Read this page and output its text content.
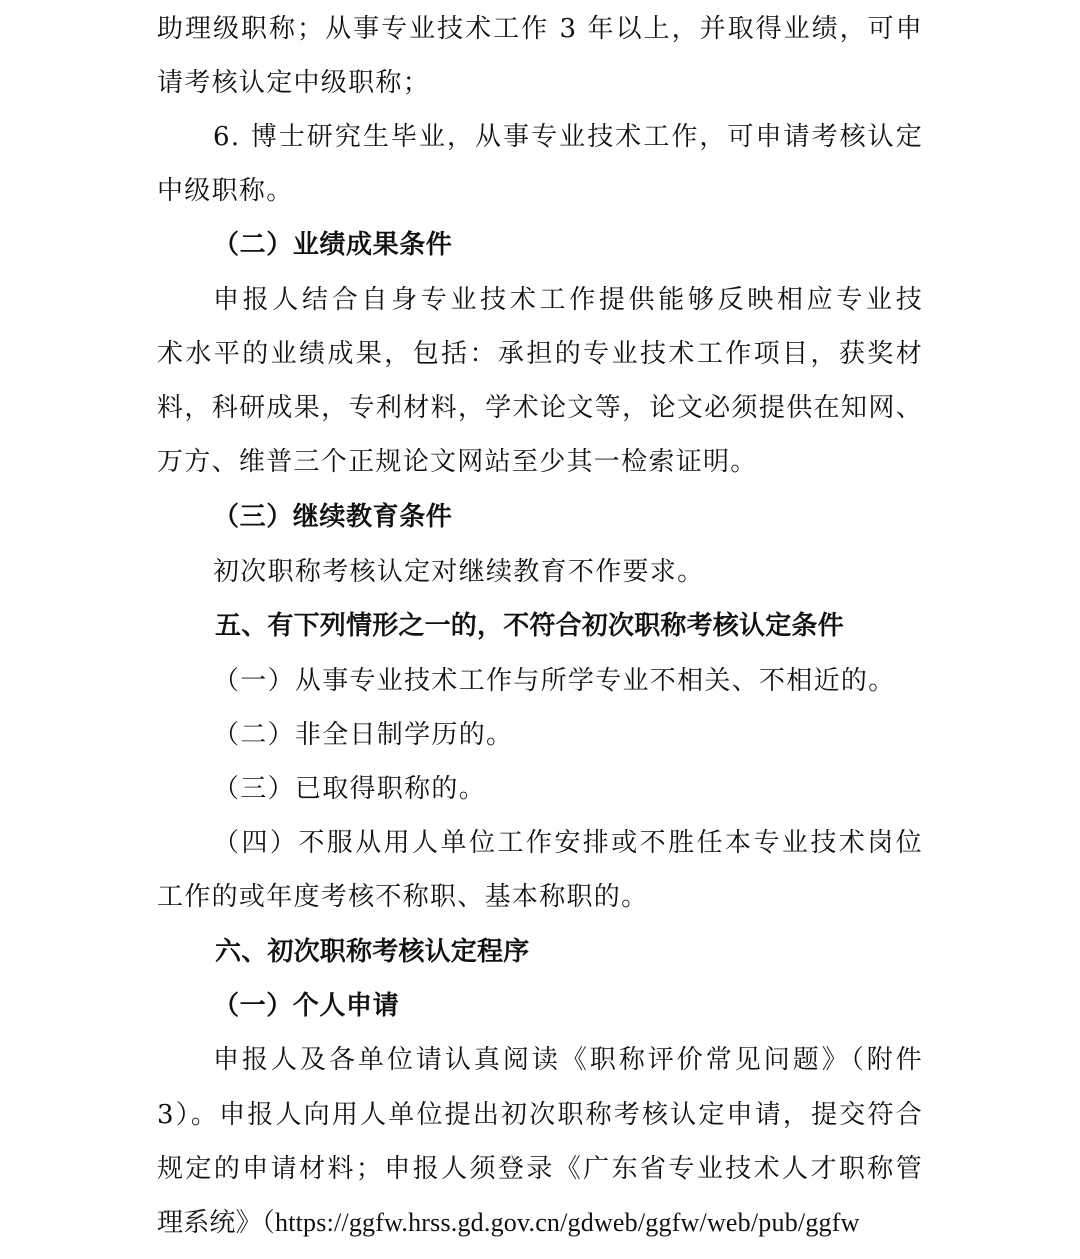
助理级职称；从事专业技术工作 3 年以上，并取得业绩，可申
请考核认定中级职称；
6. 博士研究生毕业，从事专业技术工作，可申请考核认定
中级职称。
（二）业绩成果条件
申报人结合自身专业技术工作提供能够反映相应专业技
术水平的业绩成果，包括：承担的专业技术工作项目，获奖材
料，科研成果，专利材料，学术论文等，论文必须提供在知网、
万方、维普三个正规论文网站至少其一检索证明。
（三）继续教育条件
初次职称考核认定对继续教育不作要求。
五、有下列情形之一的，不符合初次职称考核认定条件
（一）从事专业技术工作与所学专业不相关、不相近的。
（二）非全日制学历的。
（三）已取得职称的。
（四）不服从用人单位工作安排或不胜任本专业技术岗位
工作的或年度考核不称职、基本称职的。
六、初次职称考核认定程序
（一）个人申请
申报人及各单位请认真阅读《职称评价常见问题》（附件
3）。申报人向用人单位提出初次职称考核认定申请，提交符合
规定的申请材料；申报人须登录《广东省专业技术人才职称管
理系统》（https://ggfw.hrss.gd.gov.cn/gdweb/ggfw/web/pub/ggfw
